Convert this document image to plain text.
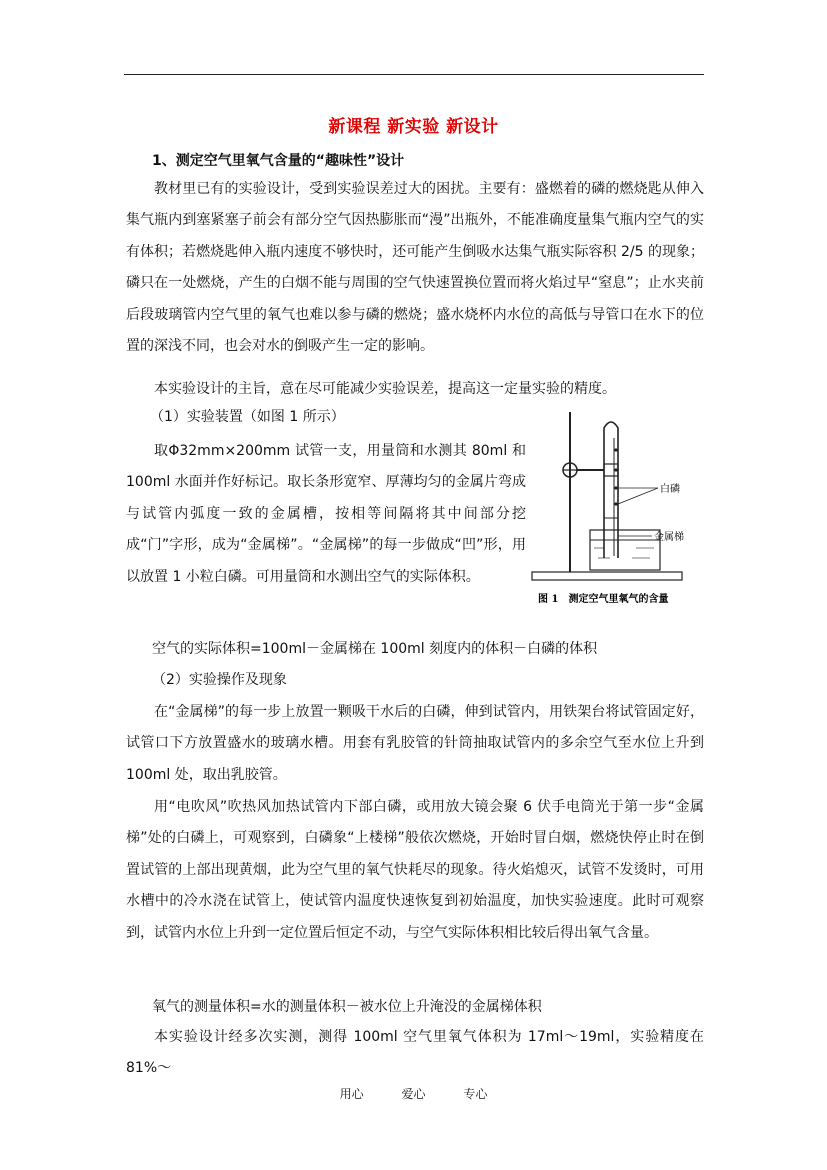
新课程 新实验 新设计
1、测定空气里氧气含量的“趣味性”设计

教材里已有的实验设计，受到实验误差过大的困扰。主要有：盛燃着的磷的燃烧匙从伸入集气瓶内到塞紧塞子前会有部分空气因热膨胀而“漫”出瓶外，不能准确度量集气瓶内空气的实有体积；若燃烧匙伸入瓶内速度不够快时，还可能产生倒吸水达集气瓶实际容积 2/5 的现象；磷只在一处燃烧，产生的白烟不能与周围的空气快速置换位置而将火焰过早“窒息”；止水夹前后段玻璃管内空气里的氧气也难以参与磷的燃烧；盛水烧杯内水位的高低与导管口在水下的位置的深浅不同，也会对水的倒吸产生一定的影响。

本实验设计的主旨，意在尽可能减少实验误差，提高这一定量实验的精度。

（1）实验装置（如图 1 所示）

取Φ32mm×200mm 试管一支，用量筒和水测其 80ml 和 100ml 水面并作好标记。取长条形宽窄、厚薄均匀的金属片弯成与试管内弧度一致的金属槽，按相等间隔将其中间部分挖成“门”字形，成为“金属梯”。“金属梯”的每一步做成“凹”形，用以放置 1 小粒白磷。可用量筒和水测出空气的实际体积。

白磷
金属梯
图 1　测定空气里氧气的含量
空气的实际体积=100ml－金属梯在 100ml 刻度内的体积－白磷的体积
（2）实验操作及现象

在“金属梯”的每一步上放置一颗吸干水后的白磷，伸到试管内，用铁架台将试管固定好，试管口下方放置盛水的玻璃水槽。用套有乳胶管的针筒抽取试管内的多余空气至水位上升到 100ml 处，取出乳胶管。

用“电吹风”吹热风加热试管内下部白磷，或用放大镜会聚 6 伏手电筒光于第一步“金属梯”处的白磷上，可观察到，白磷象“上楼梯”般依次燃烧，开始时冒白烟，燃烧快停止时在倒置试管的上部出现黄烟，此为空气里的氧气快耗尽的现象。待火焰熄灭，试管不发烫时，可用水槽中的冷水浇在试管上，使试管内温度快速恢复到初始温度，加快实验速度。此时可观察到，试管内水位上升到一定位置后恒定不动，与空气实际体积相比较后得出氧气含量。

氧气的测量体积=水的测量体积－被水位上升淹没的金属梯体积

本实验设计经多次实测，测得 100ml 空气里氧气体积为 17ml～19ml，实验精度在 81%～

用心	爱心	专心
